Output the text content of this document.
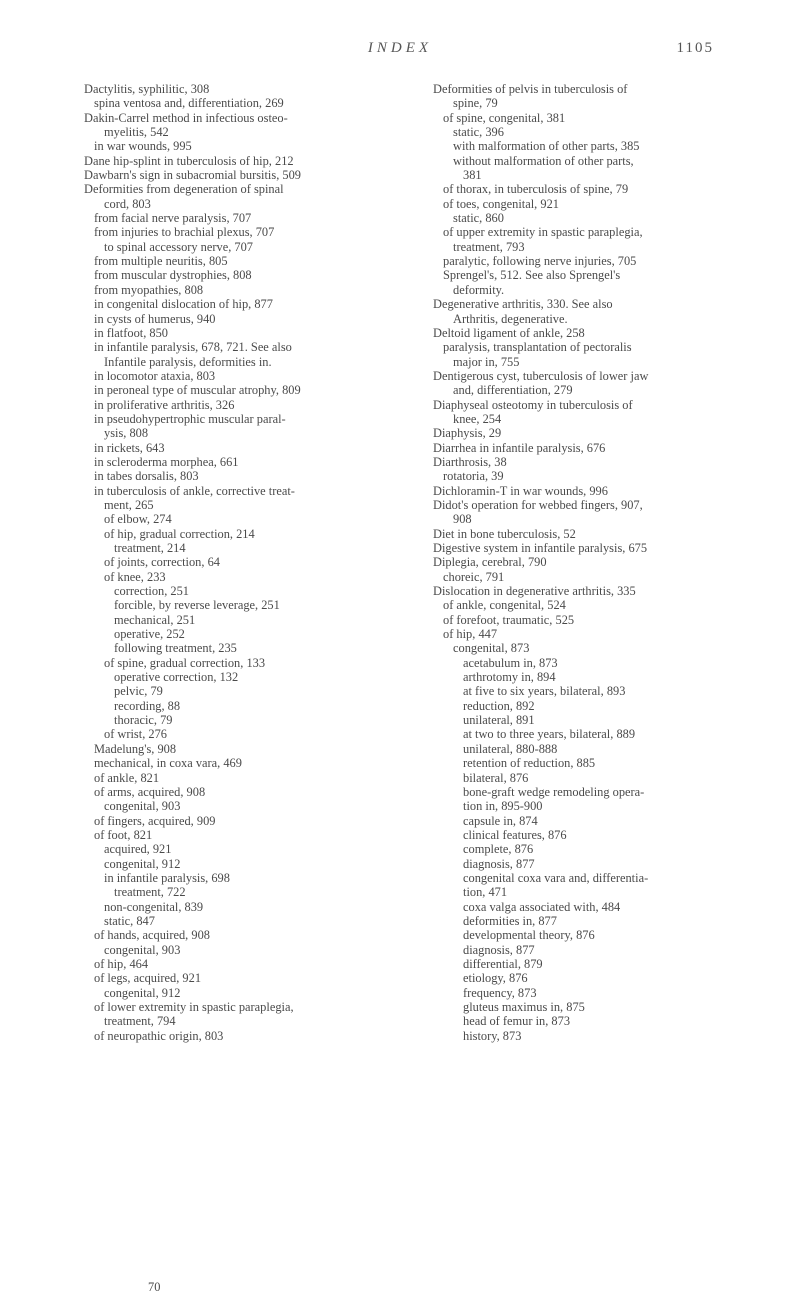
INDEX	1105
Dactylitis, syphilitic, 308
spina ventosa and, differentiation, 269
Dakin-Carrel method in infectious osteo-
myelitis, 542
in war wounds, 995
Dane hip-splint in tuberculosis of hip, 212
Dawbarn's sign in subacromial bursitis, 509
Deformities from degeneration of spinal
cord, 803
from facial nerve paralysis, 707
from injuries to brachial plexus, 707
to spinal accessory nerve, 707
from multiple neuritis, 805
from muscular dystrophies, 808
from myopathies, 808
in congenital dislocation of hip, 877
in cysts of humerus, 940
in flatfoot, 850
in infantile paralysis, 678, 721. See also
Infantile paralysis, deformities in.
in locomotor ataxia, 803
in peroneal type of muscular atrophy, 809
in proliferative arthritis, 326
in pseudohypertrophic muscular paral-
ysis, 808
in rickets, 643
in scleroderma morphea, 661
in tabes dorsalis, 803
in tuberculosis of ankle, corrective treat-
ment, 265
of elbow, 274
of hip, gradual correction, 214
treatment, 214
of joints, correction, 64
of knee, 233
correction, 251
forcible, by reverse leverage, 251
mechanical, 251
operative, 252
following treatment, 235
of spine, gradual correction, 133
operative correction, 132
pelvic, 79
recording, 88
thoracic, 79
of wrist, 276
Madelung's, 908
mechanical, in coxa vara, 469
of ankle, 821
of arms, acquired, 908
congenital, 903
of fingers, acquired, 909
of foot, 821
acquired, 921
congenital, 912
in infantile paralysis, 698
treatment, 722
non-congenital, 839
static, 847
of hands, acquired, 908
congenital, 903
of hip, 464
of legs, acquired, 921
congenital, 912
of lower extremity in spastic paraplegia,
treatment, 794
of neuropathic origin, 803
Deformities of pelvis in tuberculosis of
spine, 79
of spine, congenital, 381
static, 396
with malformation of other parts, 385
without malformation of other parts,
381
of thorax, in tuberculosis of spine, 79
of toes, congenital, 921
static, 860
of upper extremity in spastic paraplegia,
treatment, 793
paralytic, following nerve injuries, 705
Sprengel's, 512. See also Sprengel's
deformity.
Degenerative arthritis, 330. See also
Arthritis, degenerative.
Deltoid ligament of ankle, 258
paralysis, transplantation of pectoralis
major in, 755
Dentigerous cyst, tuberculosis of lower jaw
and, differentiation, 279
Diaphyseal osteotomy in tuberculosis of
knee, 254
Diaphysis, 29
Diarrhea in infantile paralysis, 676
Diarthrosis, 38
rotatoria, 39
Dichloramin-T in war wounds, 996
Didot's operation for webbed fingers, 907,
908
Diet in bone tuberculosis, 52
Digestive system in infantile paralysis, 675
Diplegia, cerebral, 790
choreic, 791
Dislocation in degenerative arthritis, 335
of ankle, congenital, 524
of forefoot, traumatic, 525
of hip, 447
congenital, 873
acetabulum in, 873
arthrotomy in, 894
at five to six years, bilateral, 893
reduction, 892
unilateral, 891
at two to three years, bilateral, 889
unilateral, 880-888
retention of reduction, 885
bilateral, 876
bone-graft wedge remodeling opera-
tion in, 895-900
capsule in, 874
clinical features, 876
complete, 876
diagnosis, 877
congenital coxa vara and, differentia-
tion, 471
coxa valga associated with, 484
deformities in, 877
developmental theory, 876
diagnosis, 877
differential, 879
etiology, 876
frequency, 873
gluteus maximus in, 875
head of femur in, 873
history, 873
70
